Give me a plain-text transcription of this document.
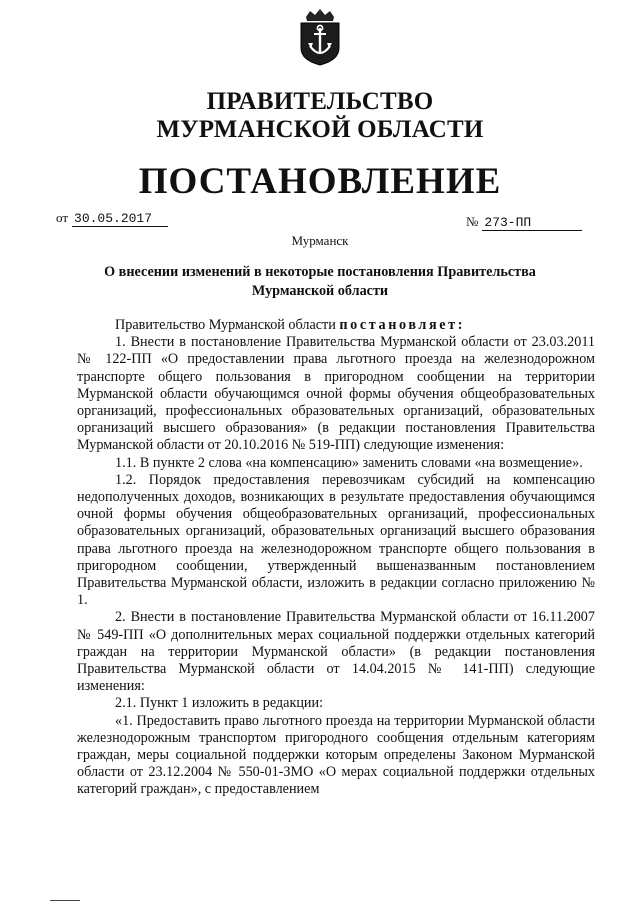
ПРАВИТЕЛЬСТВО
МУРМАНСКОЙ ОБЛАСТИ
ПОСТАНОВЛЕНИЕ
от 30.05.2017	№ 273-ПП
Мурманск
О внесении изменений в некоторые постановления Правительства
Мурманской области

Правительство Мурманской области постановляет:

1. Внести в постановление Правительства Мурманской области от 23.03.2011 № 122-ПП «О предоставлении права льготного проезда на железнодорожном транспорте общего пользования в пригородном сообщении на территории Мурманской области обучающимся очной формы обучения общеобразовательных организаций, профессиональных образовательных организаций, образовательных организаций высшего образования» (в редакции постановления Правительства Мурманской области от 20.10.2016 № 519-ПП) следующие изменения:

1.1. В пункте 2 слова «на компенсацию» заменить словами «на возмещение».

1.2. Порядок предоставления перевозчикам субсидий на компенсацию недополученных доходов, возникающих в результате предоставления обучающимся очной формы обучения общеобразовательных организаций, профессиональных образовательных организаций, образовательных организаций высшего образования права льготного проезда на железнодорожном транспорте общего пользования в пригородном сообщении, утвержденный вышеназванным постановлением Правительства Мурманской области, изложить в редакции согласно приложению № 1.

2. Внести в постановление Правительства Мурманской области от 16.11.2007 № 549-ПП «О дополнительных мерах социальной поддержки отдельных категорий граждан на территории Мурманской области» (в редакции постановления Правительства Мурманской области от 14.04.2015 № 141-ПП) следующие изменения:

2.1. Пункт 1 изложить в редакции:

«1. Предоставить право льготного проезда на территории Мурманской области железнодорожным транспортом пригородного сообщения отдельным категориям граждан, меры социальной поддержки которым определены Законом Мурманской области от 23.12.2004 № 550-01-ЗМО «О мерах социальной поддержки отдельных категорий граждан», с предоставлением
